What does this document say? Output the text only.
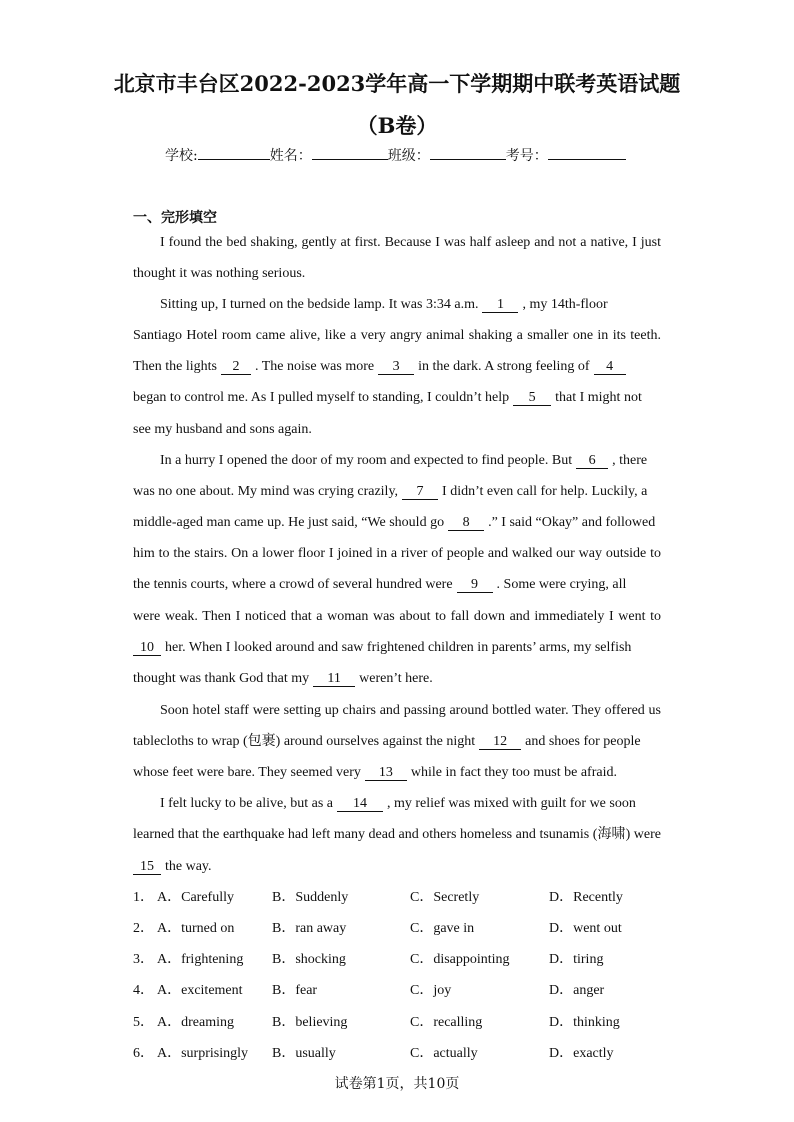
北京市丰台区2022-2023学年高一下学期期中联考英语试题
（B卷）
学校:	姓名：	班级：	考号：
一、完形填空
I found the bed shaking, gently at first. Because I was half asleep and not a native, I just
thought it was nothing serious.
Sitting up, I turned on the bedside lamp. It was 3:34 a.m. 1 , my 14th-floor
Santiago Hotel room came alive, like a very angry animal shaking a smaller one in its teeth.
Then the lights 2 . The noise was more 3 in the dark. A strong feeling of 4
began to control me. As I pulled myself to standing, I couldn’t help 5 that I might not
see my husband and sons again.
In a hurry I opened the door of my room and expected to find people. But 6 , there
was no one about. My mind was crying crazily, 7 I didn’t even call for help. Luckily, a
middle-aged man came up. He just said, “We should go 8 .” I said “Okay” and followed
him to the stairs. On a lower floor I joined in a river of people and walked our way outside to
the tennis courts, where a crowd of several hundred were 9 . Some were crying, all
were weak. Then I noticed that a woman was about to fall down and immediately I went to
10 her. When I looked around and saw frightened children in parents’ arms, my selfish
thought was thank God that my 11 weren’t here.
Soon hotel staff were setting up chairs and passing around bottled water. They offered us
tablecloths to wrap (包裹) around ourselves against the night 12 and shoes for people
whose feet were bare. They seemed very 13 while in fact they too must be afraid.
I felt lucky to be alive, but as a 14 , my relief was mixed with guilt for we soon
learned that the earthquake had left many dead and others homeless and tsunamis (海啸) were
15 the way.
1． A．Carefully	B．Suddenly	C．Secretly	D．Recently
2． A．turned on	B．ran away	C．gave in	D．went out
3． A．frightening B．shocking	C．disappointing	D．tiring
4． A．excitement B．fear	C．joy	D．anger
5． A．dreaming	B．believing	C．recalling	D．thinking
6． A．surprisingly B．usually	C．actually	D．exactly
试卷第1页，共10页
